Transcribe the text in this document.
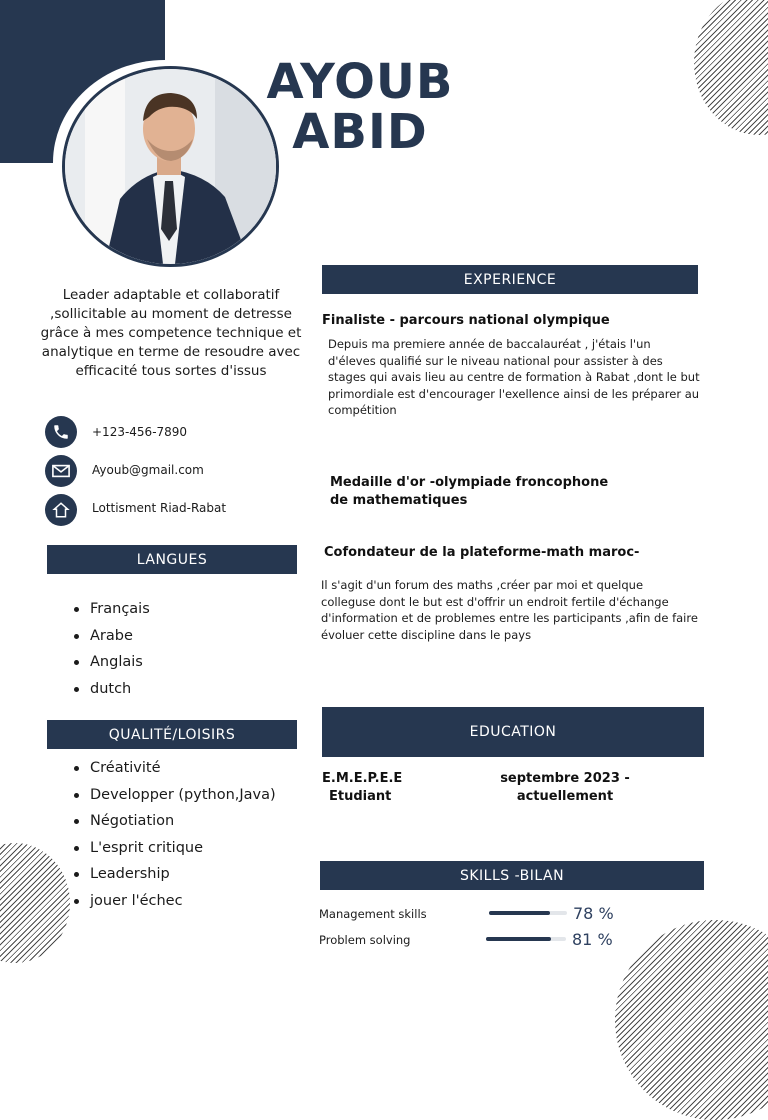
AYOUB
ABID
Leader adaptable et collaboratif ,sollicitable au moment de detresse grâce à mes competence technique et analytique en terme de resoudre avec efficacité tous sortes d'issus
+123-456-7890
Ayoub@gmail.com
Lottisment Riad-Rabat
LANGUES
Français
Arabe
Anglais
dutch
QUALITÉ/LOISIRS
Créativité
Developper (python,Java)
Négotiation
L'esprit critique
Leadership
jouer l'échec
EXPERIENCE
Finaliste - parcours national olympique
Depuis ma premiere année de baccalauréat , j'étais l'un d'éleves qualifié sur le niveau national pour assister à des stages qui avais lieu au centre de formation à Rabat ,dont le but primordiale est d'encourager l'exellence ainsi de les préparer au compétition
Medaille d'or -olympiade froncophone de mathematiques
Cofondateur de la plateforme-math maroc-
Il s'agit d'un forum des maths ,créer par moi et quelque colleguse dont le but est d'offrir un endroit fertile d'échange d'information et de problemes entre les participants ,afin de faire évoluer cette discipline dans le pays
EDUCATION
E.M.E.P.E.E
Etudiant
septembre 2023 -
actuellement
SKILLS -BILAN
Management skills	78 %
Problem solving	81 %
